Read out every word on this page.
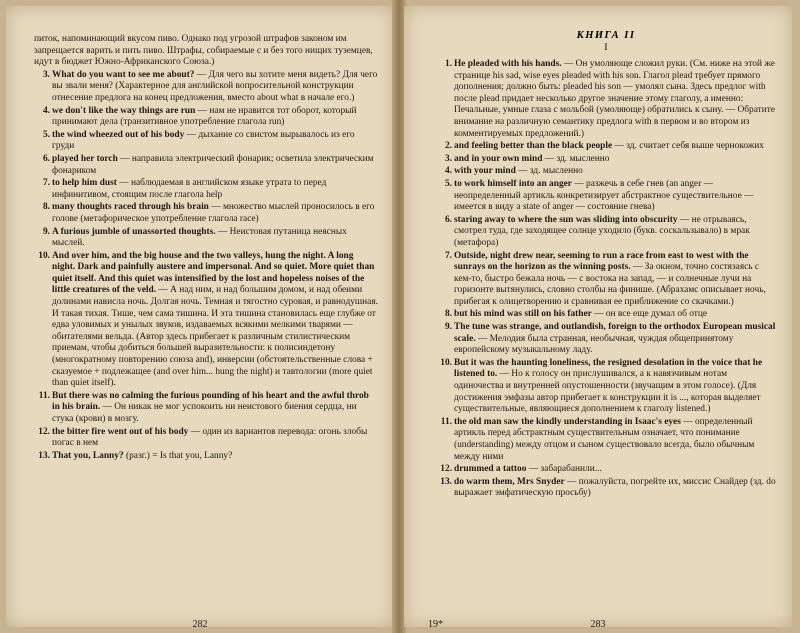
питок, напоминающий вкусом пиво. Однако под угрозой штрафов законом им запрещается варить и пить пиво. Штрафы, собираемые с и без того нищих туземцев, идут в бюджет Южно-Африканского Союза.)

3. What do you want to see me about? — Для чего вы хотите меня видеть? Для чего вы звали меня? (Характерное для английской вопросительной конструкции отнесение предлога на конец предложения, вместо about what в начале его.)
4. we don't like the way things are run — нам не нравится тот оборот, который принимают дела (транзитивное употребление глагола run)
5. the wind wheezed out of his body — дыхание со свистом вырывалось из его груди
6. played her torch — направила электрический фонарик; осветила электрическим фонариком
7. to help him dust — наблюдаемая в английском языке утрата to перед инфинитивом, стоящим после глагола help
8. many thoughts raced through his brain — множество мыслей проносилось в его голове (метафорическое употребление глагола race)
9. A furious jumble of unassorted thoughts. — Неистовая путаница неясных мыслей.
10. And over him, and the big house and the two valleys, hung the night. A long night. Dark and painfully austere and impersonal. And so quiet. More quiet than quiet itself. And this quiet was intensified by the lost and hopeless noises of the little creatures of the veld. — А над ним, и над большим домом, и над обеими долинами нависла ночь. Долгая ночь. Темная и тягостно суровая, и равнодушная. И такая тихая. Тише, чем сама тишина. И эта тишина становилась еще глубже от едва уловимых и унылых звуков, издаваемых всякими мелкими тварями — обитателями вельда. (Автор здесь прибегает к различным стилистическим приемам, чтобы добиться большей выразительности: к полисиндетону (многократному повторению союза and), инверсии (обстоятельственные слова + сказуемое + подлежащее (and over him... hung the night) и тавтологии (more quiet than quiet itself).
11. But there was no calming the furious pounding of his heart and the awful throb in his brain. — Он никак не мог успокоить ни неистового биения сердца, ни стука (крови) в мозгу.
12. the bitter fire went out of his body — один из вариантов перевода: огонь злобы погас в нем
13. That you, Lanny? (разг.) = Is that you, Lanny?
282
КНИГА II
I
1. He pleaded with his hands. — Он умоляюще сложил руки. (См. ниже на этой же странице his sad, wise eyes pleaded with his son. Глагол plead требует прямого дополнения; должно быть: pleaded his son — умолял сына. Здесь предлог with после plead придает несколько другое значение этому глаголу, а именно: Печальные, умные глаза с мольбой (умоляюще) обратились к сыну. — Обратите внимание на различную семантику предлога with в первом и во втором из комментируемых предложений.)
2. and feeling better than the black people — зд. считает себя выше чернокожих
3. and in your own mind — зд. мысленно
4. with your mind — зд. мысленно
5. to work himself into an anger — разжечь в себе гнев (an anger — неопределенный артикль конкретизирует абстрактное существительное — имеется в виду а state of anger — состояние гнева)
6. staring away to where the sun was sliding into obscurity — не отрываясь, смотрел туда, где заходящее солнце уходило (букв. соскальзывало) в мрак (метафора)
7. Outside, night drew near, seeming to run a race from east to west with the sunrays on the horizon as the winning posts. — За окном, точно состязаясь с кем-то, быстро бежала ночь — с востока на запад, — и солнечные лучи на горизонте вытянулись, словно столбы на финише. (Абрахамс описывает ночь, прибегая к олицетворению и сравнивая ее приближение со скачками.)
8. but his mind was still on his father — он все еще думал об отце
9. The tune was strange, and outlandish, foreign to the orthodox European musical scale. — Мелодия была странная, необычная, чуждая общепринятому европейскому музыкальному ладу.
10. But it was the haunting loneliness, the resigned desolation in the voice that he listened to. — Но к голосу он прислушивался, а к навязчивым нотам одиночества и внутренней опустошенности (звучащим в этом голосе). (Для достижения эмфазы автор прибегает к конструкции it is ..., которая выделяет существительные, являющиеся дополнением к глаголу listened.)
11. the old man saw the kindly understanding in Isaac's eyes — определенный артикль перед абстрактным существительным означает, что понимание (understanding) между отцом и сыном существовало всегда, было обычным между ними
12. drummed a tattoo — забарабанили...
13. do warm them, Mrs Snyder — пожалуйста, погрейте их, миссис Снайдер (зд. do выражает эмфатическую просьбу)
19*	283
